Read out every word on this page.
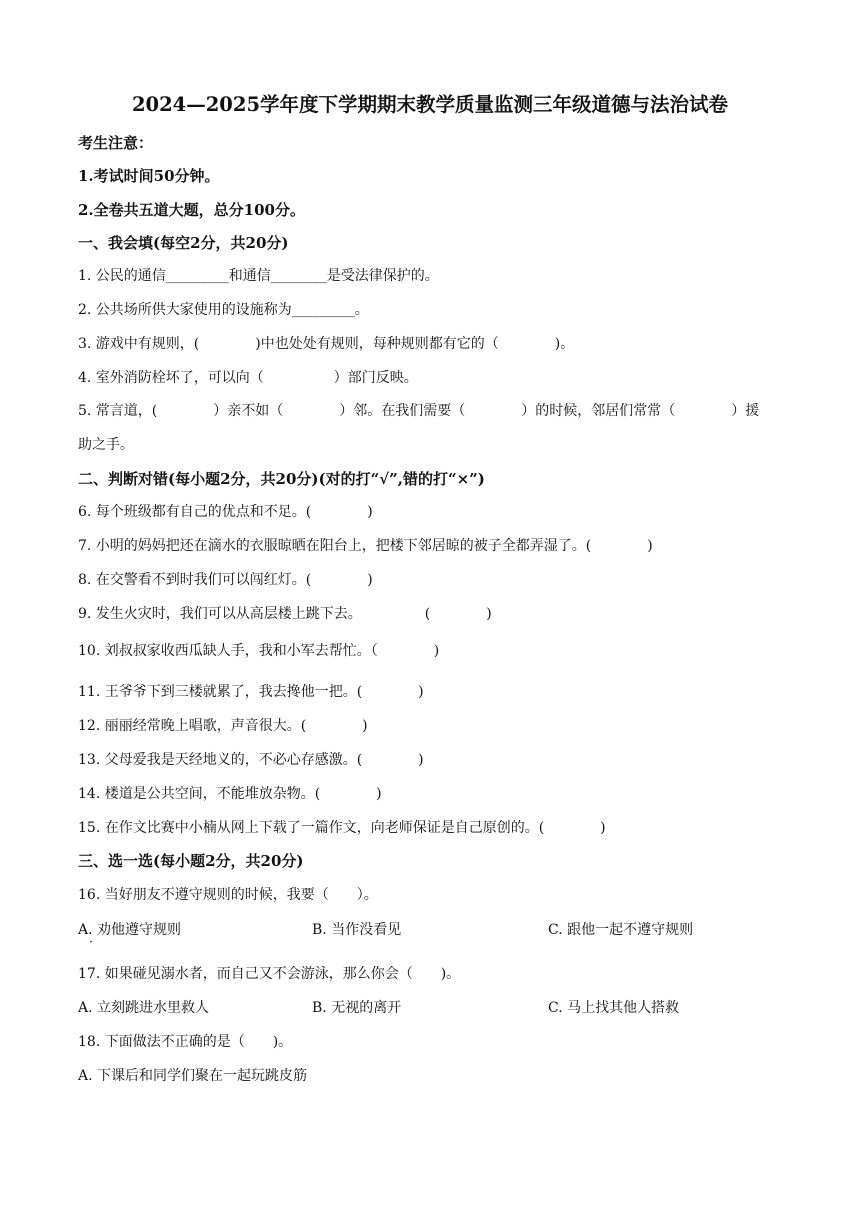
2024—2025学年度下学期期末教学质量监测三年级道德与法治试卷
考生注意：
1.考试时间50分钟。
2.全卷共五道大题，总分100分。
一、我会填(每空2分，共20分)
1. 公民的通信_________和通信________是受法律保护的。
2. 公共场所供大家使用的设施称为_________。
3. 游戏中有规则，(　　　　)中也处处有规则，每种规则都有它的（　　　　)。
4. 室外消防栓坏了，可以向（　　　　　）部门反映。
5. 常言道，(　　　　）亲不如（　　　　）邻。在我们需要（　　　　）的时候，邻居们常常（　　　　）援
助之手。
二、判断对错(每小题2分，共20分)(对的打“√”,错的打“×”)
6. 每个班级都有自己的优点和不足。(　　　　)
7. 小明的妈妈把还在滴水的衣服晾晒在阳台上，把楼下邻居晾的被子全都弄湿了。(　　　　)
8. 在交警看不到时我们可以闯红灯。(　　　　)
9. 发生火灾时，我们可以从高层楼上跳下去。　　　　　(　　　　)
10. 刘叔叔家收西瓜缺人手，我和小军去帮忙。（　　　　)
11. 王爷爷下到三楼就累了，我去搀他一把。(　　　　)
12. 丽丽经常晚上唱歌，声音很大。(　　　　)
13. 父母爱我是天经地义的，不必心存感激。(　　　　)
14. 楼道是公共空间，不能堆放杂物。(　　　　)
15. 在作文比赛中小楠从网上下载了一篇作文，向老师保证是自己原创的。(　　　　)
三、选一选(每小题2分，共20分)
16. 当好朋友不遵守规则的时候，我要（　　）。
A. 劝他遵守规则	B. 当作没看见	C. 跟他一起不遵守规则
·
17. 如果碰见溺水者，而自己又不会游泳，那么你会（　　)。
A. 立刻跳进水里救人	B. 无视的离开	C. 马上找其他人搭救
18. 下面做法不正确的是（　　)。
A. 下课后和同学们聚在一起玩跳皮筋
